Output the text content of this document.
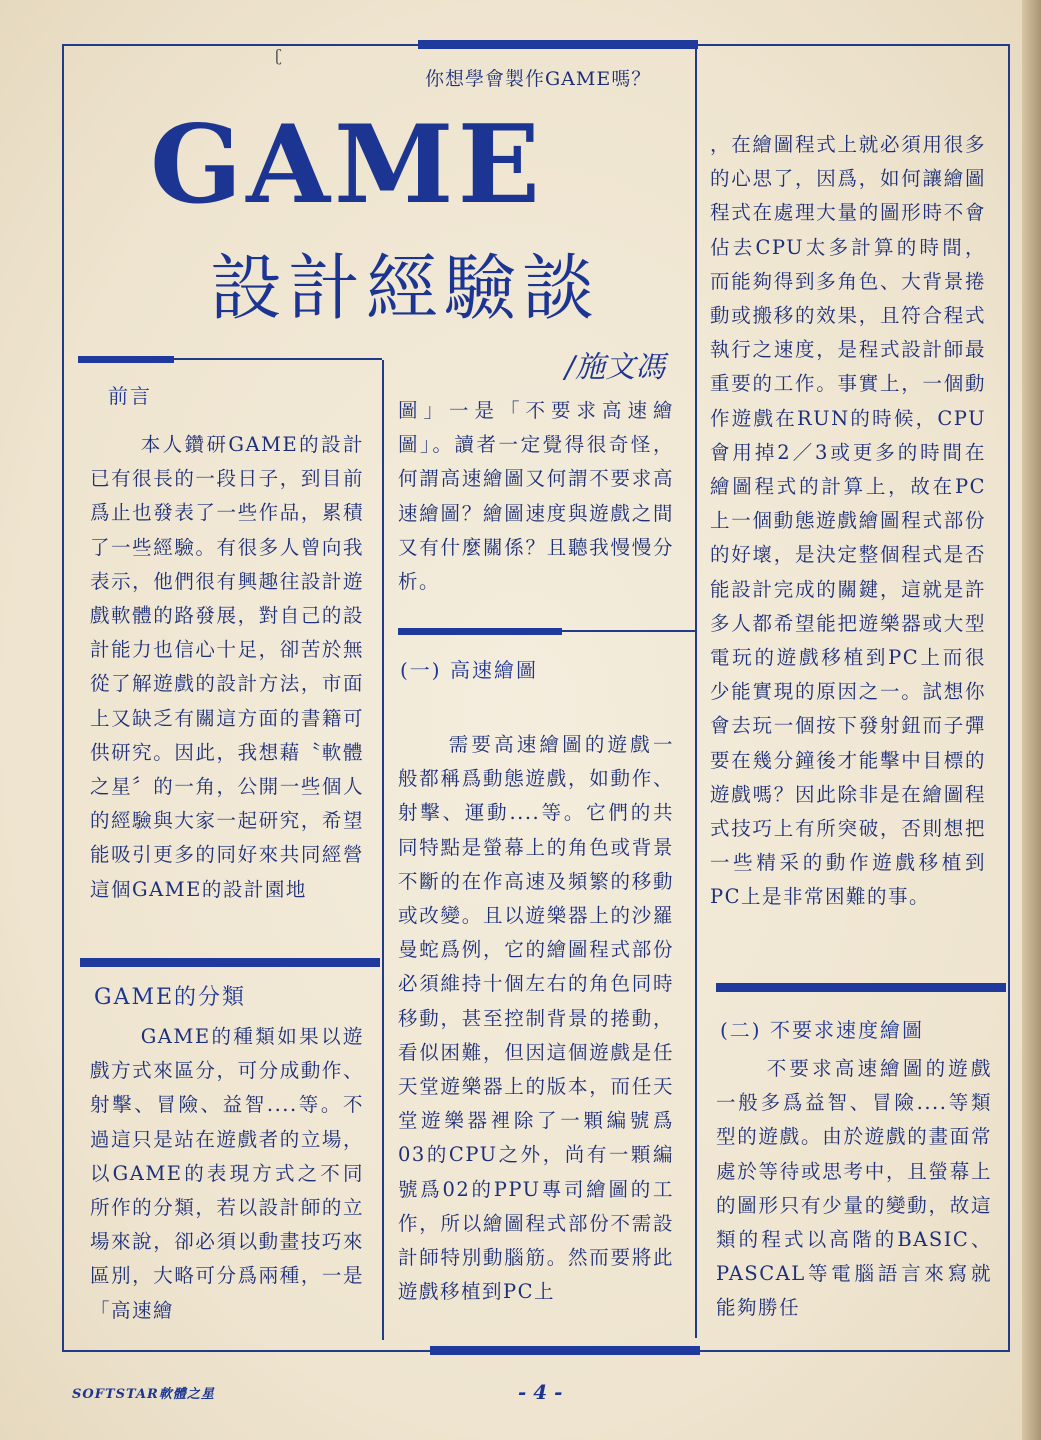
ʗ
你想學會製作GAME嗎？
GAME
設計經驗談
/施文馮
前言
GAME的分類
(一) 高速繪圖
(二) 不要求速度繪圖

本人鑽研GAME的設計已有很長的一段日子，到目前爲止也發表了一些作品，累積了一些經驗。有很多人曾向我表示，他們很有興趣往設計遊戲軟體的路發展，對自己的設計能力也信心十足，卻苦於無從了解遊戲的設計方法，市面上又缺乏有關這方面的書籍可供研究。因此，我想藉〝軟體之星〞的一角，公開一些個人的經驗與大家一起研究，希望能吸引更多的同好來共同經營這個GAME的設計園地

GAME的種類如果以遊戲方式來區分，可分成動作、射擊、冒險、益智....等。不過這只是站在遊戲者的立場，以GAME的表現方式之不同所作的分類，若以設計師的立場來說，卻必須以動畫技巧來區別，大略可分爲兩種，一是「高速繪

圖」一是「不要求高速繪圖」。讀者一定覺得很奇怪，何謂高速繪圖又何謂不要求高速繪圖？繪圖速度與遊戲之間又有什麼關係？且聽我慢慢分析。

需要高速繪圖的遊戲一般都稱爲動態遊戲，如動作、射擊、運動....等。它們的共同特點是螢幕上的角色或背景不斷的在作高速及頻繁的移動或改變。且以遊樂器上的沙羅曼蛇爲例，它的繪圖程式部份必須維持十個左右的角色同時移動，甚至控制背景的捲動，看似困難，但因這個遊戲是任天堂遊樂器上的版本，而任天堂遊樂器裡除了一顆編號爲03的CPU之外，尚有一顆編號爲02的PPU專司繪圖的工作，所以繪圖程式部份不需設計師特別動腦筋。然而要將此遊戲移植到PC上

，在繪圖程式上就必須用很多的心思了，因爲，如何讓繪圖程式在處理大量的圖形時不會佔去CPU太多計算的時間，而能夠得到多角色、大背景捲動或搬移的效果，且符合程式執行之速度，是程式設計師最重要的工作。事實上，一個動作遊戲在RUN的時候，CPU會用掉2／3或更多的時間在繪圖程式的計算上，故在PC上一個動態遊戲繪圖程式部份的好壞，是決定整個程式是否能設計完成的關鍵，這就是許多人都希望能把遊樂器或大型電玩的遊戲移植到PC上而很少能實現的原因之一。試想你會去玩一個按下發射鈕而子彈要在幾分鐘後才能擊中目標的遊戲嗎？因此除非是在繪圖程式技巧上有所突破，否則想把一些精采的動作遊戲移植到PC上是非常困難的事。

不要求高速繪圖的遊戲一般多爲益智、冒險....等類型的遊戲。由於遊戲的畫面常處於等待或思考中，且螢幕上的圖形只有少量的變動，故這類的程式以高階的BASIC、PASCAL等電腦語言來寫就能夠勝任

SOFTSTAR軟體之星	- 4 -
